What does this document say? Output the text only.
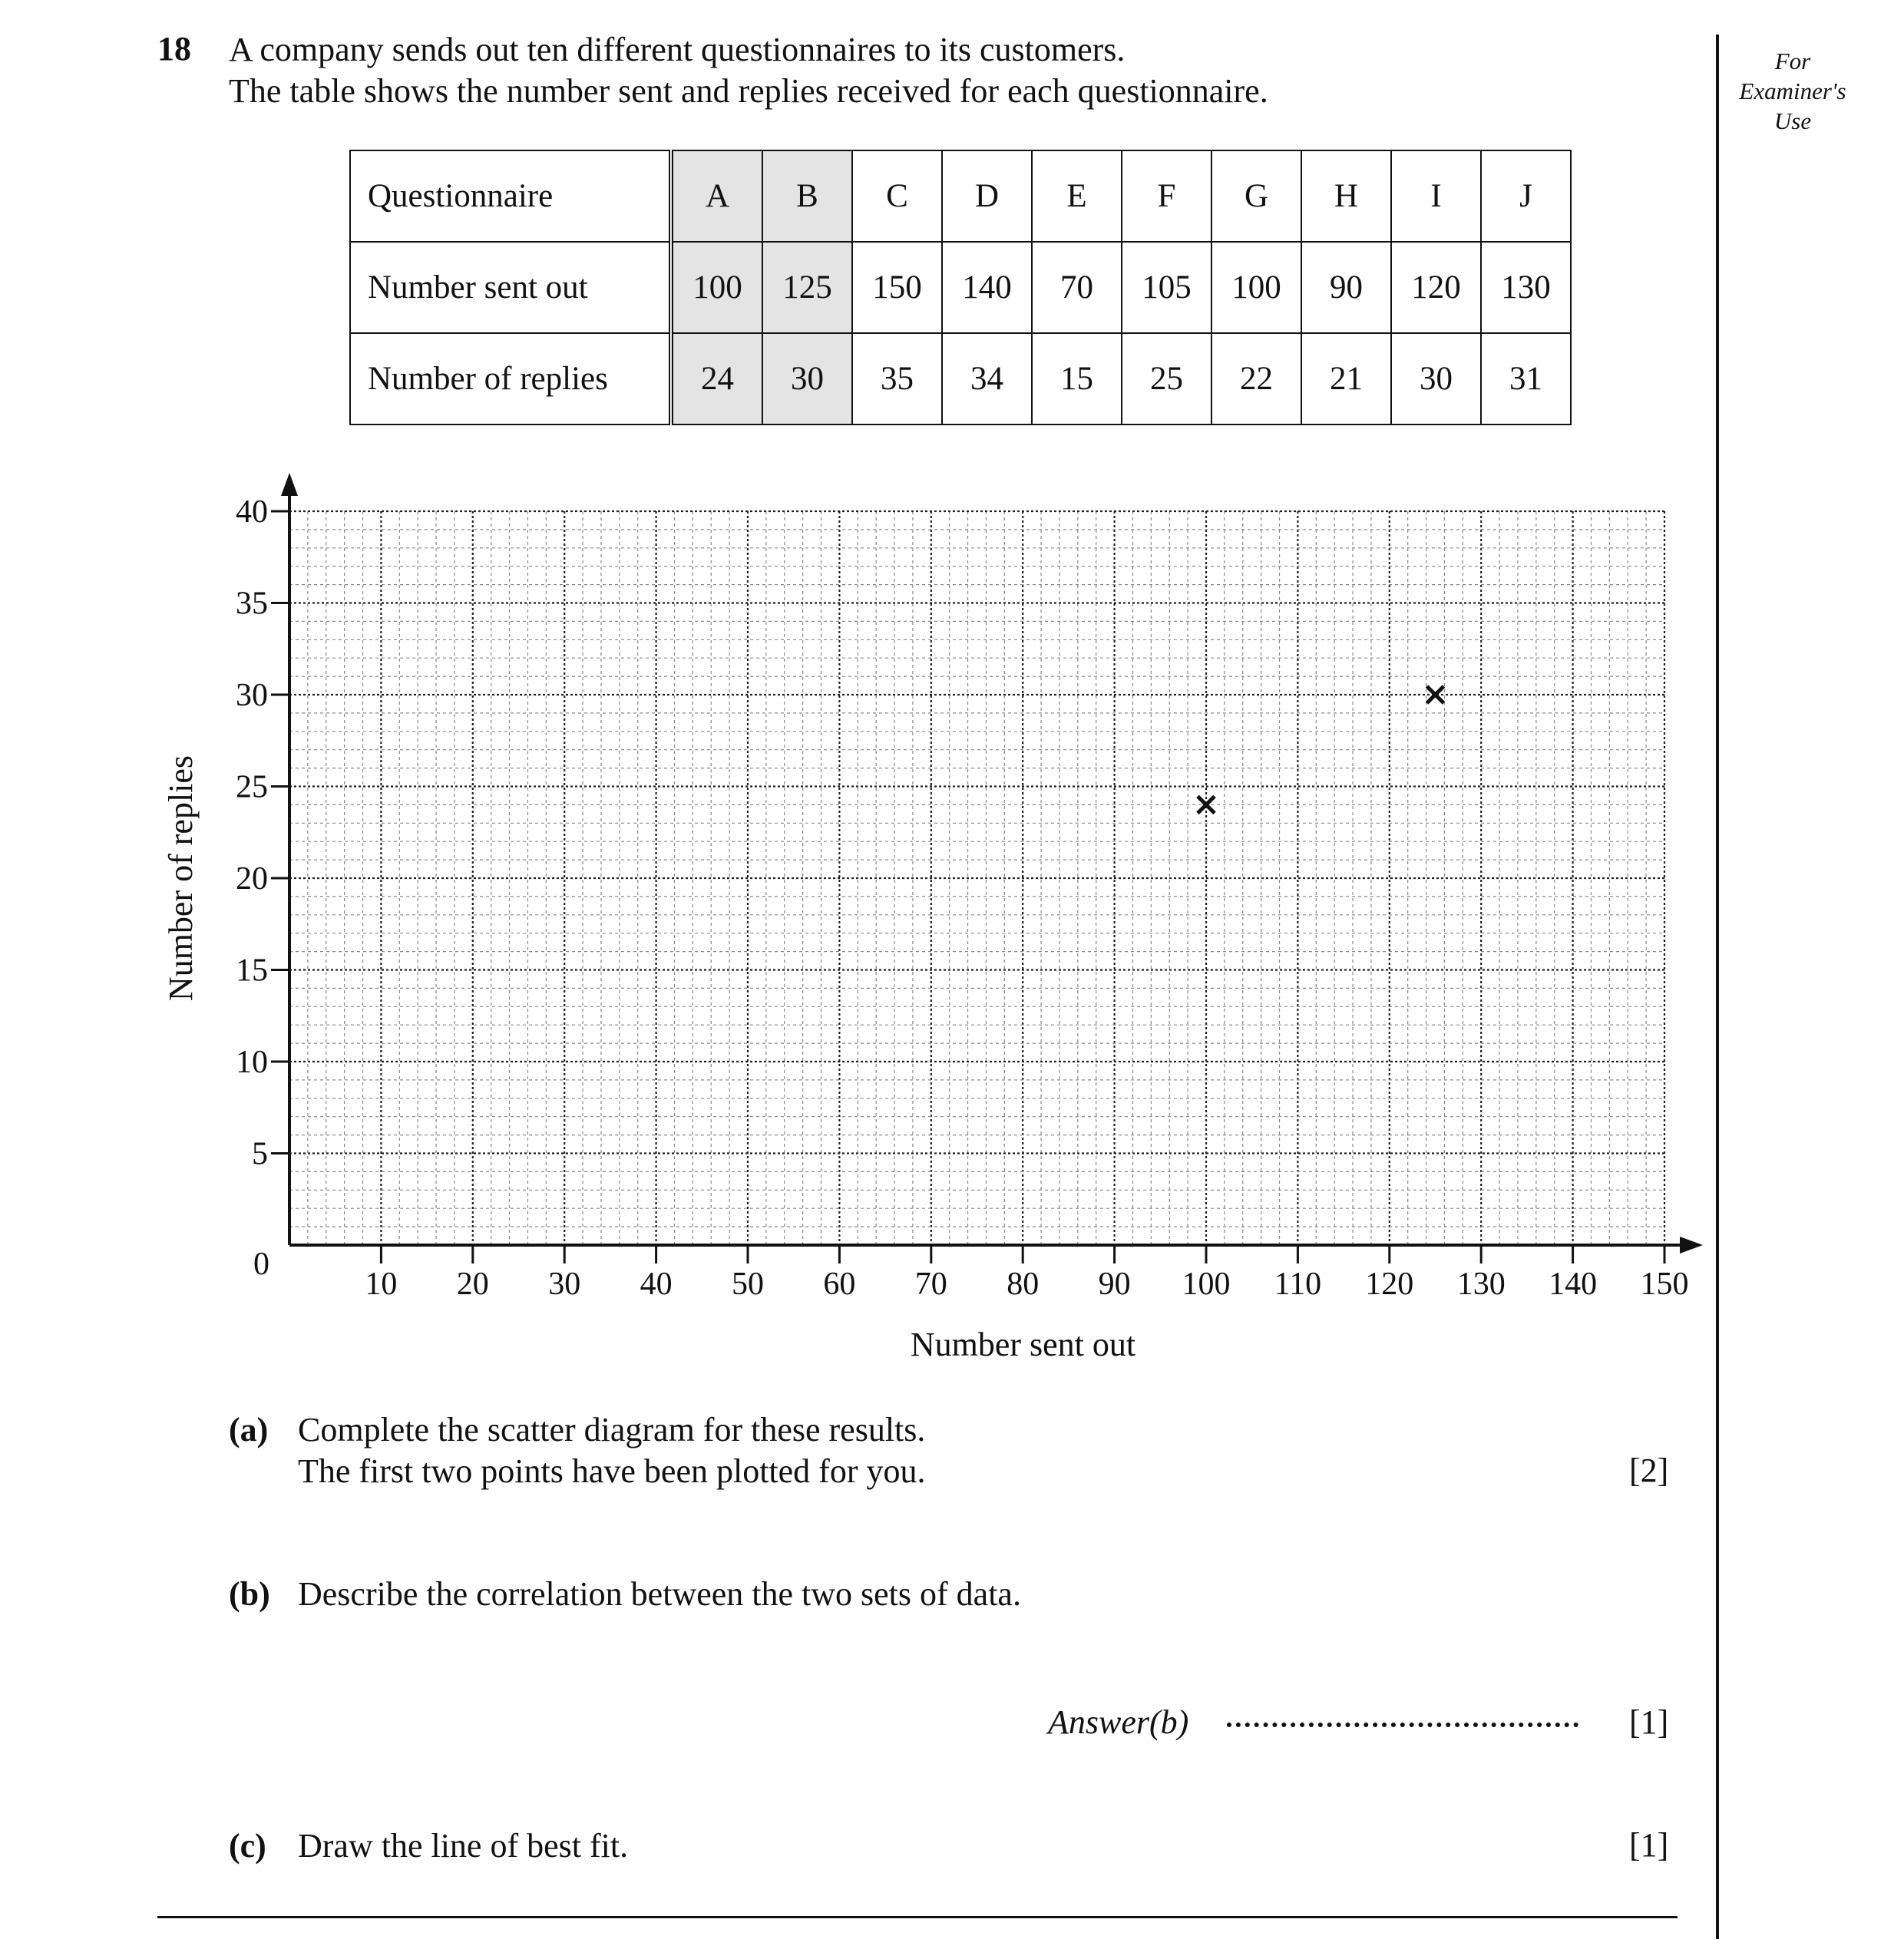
18 A company sends out ten different questionnaires to its customers.
The table shows the number sent and replies received for each questionnaire.
For
Examiner's
Use
Questionnaire	A	B	C	D	E	F	G	H	I	J
Number sent out	100	125	150	140	70	105	100	90	120	130
Number of replies	24	30	35	34	15	25	22	21	30	31
10 20 30 40 50 60 70 80 90 100 110 120 130 140 150
5
10
15
20
25
30
35
40
0
Number sent out
Number of replies
(a) Complete the scatter diagram for these results.
The first two points have been plotted for you.	[2]
(b) Describe the correlation between the two sets of data.
Answer(b)	[1]
(c) Draw the line of best fit.	[1]
